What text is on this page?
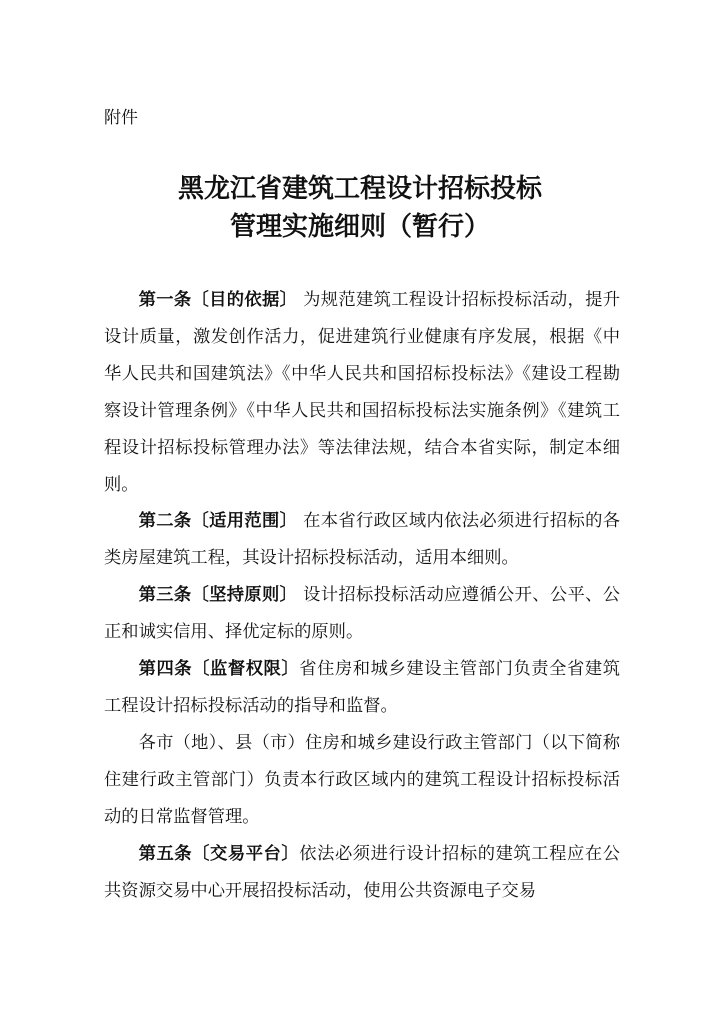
附件
黑龙江省建筑工程设计招标投标
管理实施细则（暂行）

第一条〔目的依据〕 为规范建筑工程设计招标投标活动，提升设计质量，激发创作活力，促进建筑行业健康有序发展，根据《中华人民共和国建筑法》《中华人民共和国招标投标法》《建设工程勘察设计管理条例》《中华人民共和国招标投标法实施条例》《建筑工程设计招标投标管理办法》等法律法规，结合本省实际，制定本细则。

第二条〔适用范围〕 在本省行政区域内依法必须进行招标的各类房屋建筑工程，其设计招标投标活动，适用本细则。

第三条〔坚持原则〕 设计招标投标活动应遵循公开、公平、公正和诚实信用、择优定标的原则。

第四条〔监督权限〕省住房和城乡建设主管部门负责全省建筑工程设计招标投标活动的指导和监督。

各市（地）、县（市）住房和城乡建设行政主管部门（以下简称住建行政主管部门）负责本行政区域内的建筑工程设计招标投标活动的日常监督管理。

第五条〔交易平台〕依法必须进行设计招标的建筑工程应在公共资源交易中心开展招投标活动，使用公共资源电子交易
